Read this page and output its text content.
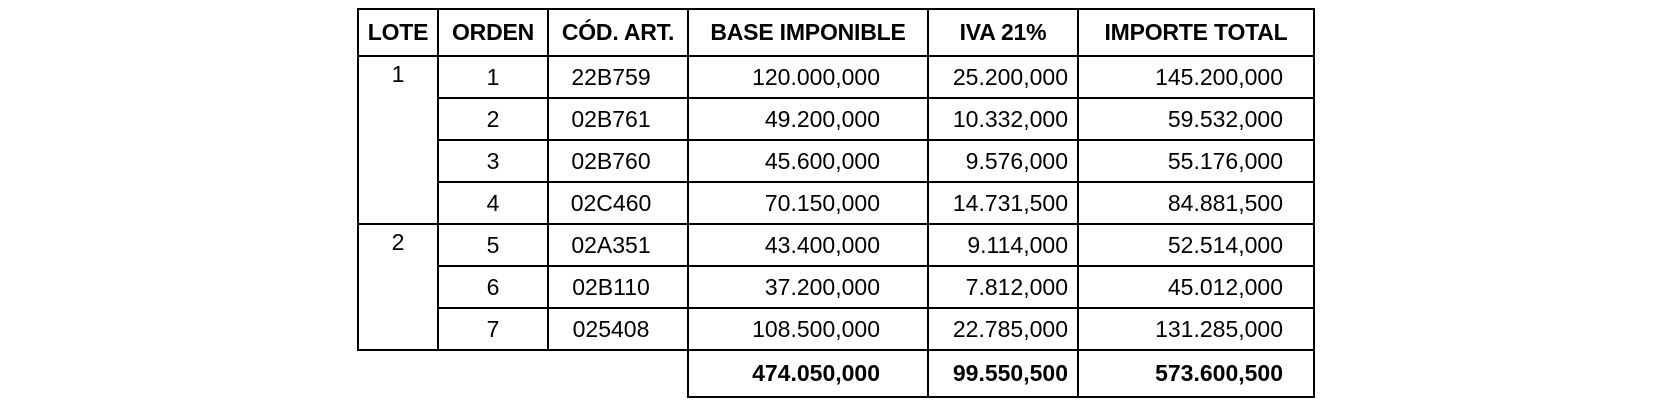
LOTE	ORDEN	CÓD. ART.	BASE IMPONIBLE	IVA 21%	IMPORTE TOTAL
1	1	22B759	120.000,000	25.200,000	145.200,000
	2	02B761	49.200,000	10.332,000	59.532,000
	3	02B760	45.600,000	9.576,000	55.176,000
	4	02C460	70.150,000	14.731,500	84.881,500
2	5	02A351	43.400,000	9.114,000	52.514,000
	6	02B110	37.200,000	7.812,000	45.012,000
	7	025408	108.500,000	22.785,000	131.285,000
			474.050,000	99.550,500	573.600,500
